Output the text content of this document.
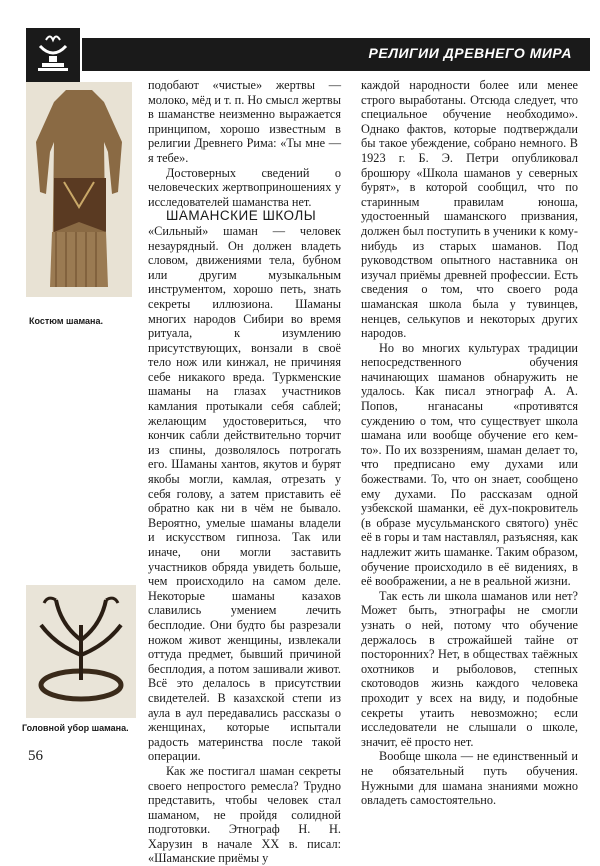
РЕЛИГИИ ДРЕВНЕГО МИРА
Костюм шамана.
Головной убор шамана.

подобают «чистые» жертвы — молоко, мёд и т. п. Но смысл жертвы в шаманстве неизменно выражается принципом, хорошо известным в религии Древнего Рима: «Ты мне — я тебе».

Достоверных сведений о человеческих жертвоприношениях у исследователей шаманства нет.

ШАМАНСКИЕ ШКОЛЫ

«Сильный» шаман — человек незаурядный. Он должен владеть словом, движениями тела, бубном или другим музыкальным инструментом, хорошо петь, знать секреты иллюзиона. Шаманы многих народов Сибири во время ритуала, к изумлению присутствующих, вонзали в своё тело нож или кинжал, не причиняя себе никакого вреда. Туркменские шаманы на глазах участников камлания протыкали себя саблей; желающим удостовериться, что кончик сабли действительно торчит из спины, дозволялось потрогать его. Шаманы хантов, якутов и бурят якобы могли, камлая, отрезать у себя голову, а затем приставить её обратно как ни в чём не бывало. Вероятно, умелые шаманы владели и искусством гипноза. Так или иначе, они могли заставить участников обряда увидеть больше, чем происходило на самом деле. Некоторые шаманы казахов славились умением лечить бесплодие. Они будто бы разрезали ножом живот женщины, извлекали оттуда предмет, бывший причиной бесплодия, а потом зашивали живот. Всё это делалось в присутствии свидетелей. В казахской степи из аула в аул передавались рассказы о женщинах, которые испытали радость материнства после такой операции.

Как же постигал шаман секреты своего непростого ремесла? Трудно представить, чтобы человек стал шаманом, не пройдя солидной подготовки. Этнограф Н. Н. Харузин в начале XX в. писал: «Шаманские приёмы у

каждой народности более или менее строго выработаны. Отсюда следует, что специальное обучение необходимо». Однако фактов, которые подтверждали бы такое убеждение, собрано немного. В 1923 г. Б. Э. Петри опубликовал брошюру «Школа шаманов у северных бурят», в которой сообщил, что по старинным правилам юноша, удостоенный шаманского призвания, должен был поступить в ученики к кому-нибудь из старых шаманов. Под руководством опытного наставника он изучал приёмы древней профессии. Есть сведения о том, что своего рода шаманская школа была у тувинцев, ненцев, селькупов и некоторых других народов.

Но во многих культурах традиции непосредственного обучения начинающих шаманов обнаружить не удалось. Как писал этнограф А. А. Попов, нганасаны «противятся суждению о том, что существует школа шамана или вообще обучение его кем-то». По их воззрениям, шаман делает то, что предписано ему духами или божествами. То, что он знает, сообщено ему духами. По рассказам одной узбекской шаманки, её дух-покровитель (в образе мусульманского святого) унёс её в горы и там наставлял, разъясняя, как надлежит жить шаманке. Таким образом, обучение происходило в её видениях, в её воображении, а не в реальной жизни.

Так есть ли школа шаманов или нет? Может быть, этнографы не смогли узнать о ней, потому что обучение держалось в строжайшей тайне от посторонних? Нет, в обществах таёжных охотников и рыболовов, степных скотоводов жизнь каждого человека проходит у всех на виду, и подобные секреты утаить невозможно; если исследователи не слышали о школе, значит, её просто нет.

Вообще школа — не единственный и не обязательный путь обучения. Нужными для шамана знаниями можно овладеть самостоятельно.

56
